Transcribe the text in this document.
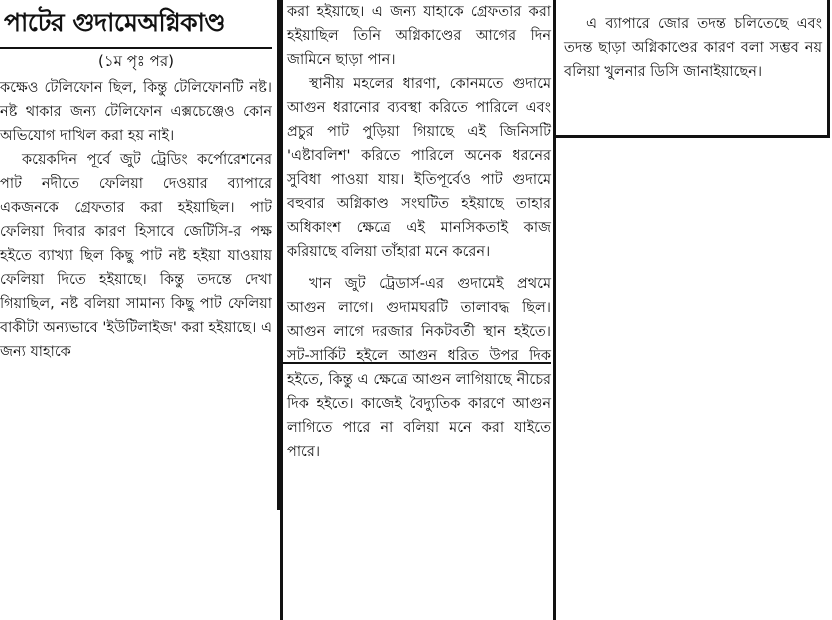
পাটের গুদামেঅগ্নিকাণ্ড
(১ম পৃঃ পর)

কক্ষেও টেলিফোন ছিল, কিন্তু টেলিফোনটি নষ্ট। নষ্ট থাকার জন্য টেলিফোন এক্সচেঞ্জেও কোন অভিযোগ দাখিল করা হয় নাই।

কয়েকদিন পূর্বে জুট ট্রেডিং কর্পোরেশনের পাট নদীতে ফেলিয়া দেওয়ার ব্যাপারে একজনকে গ্রেফতার করা হইয়াছিল। পাট ফেলিয়া দিবার কারণ হিসাবে জেটিসি-র পক্ষ হইতে ব্যাখ্যা ছিল কিছু পাট নষ্ট হইয়া যাওয়ায় ফেলিয়া দিতে হইয়াছে। কিন্তু তদন্তে দেখা গিয়াছিল, নষ্ট বলিয়া সামান্য কিছু পাট ফেলিয়া বাকীটা অন্যভাবে 'ইউটিলাইজ' করা হইয়াছে। এ জন্য যাহাকে

করা হইয়াছে। এ জন্য যাহাকে গ্রেফতার করা হইয়াছিল তিনি অগ্নিকাণ্ডের আগের দিন জামিনে ছাড়া পান।

স্থানীয় মহলের ধারণা, কোনমতে গুদামে আগুন ধরানোর ব্যবস্থা করিতে পারিলে এবং প্রচুর পাট পুড়িয়া গিয়াছে এই জিনিসটি 'এষ্টাবলিশ' করিতে পারিলে অনেক ধরনের সুবিধা পাওয়া যায়। ইতিপূর্বেও পাট গুদামে বহুবার অগ্নিকাণ্ড সংঘটিত হইয়াছে তাহার অধিকাংশ ক্ষেত্রে এই মানসিকতাই কাজ করিয়াছে বলিয়া তাঁহারা মনে করেন।

খান জুট ট্রেডার্স-এর গুদামেই প্রথমে আগুন লাগে। গুদামঘরটি তালাবদ্ধ ছিল। আগুন লাগে দরজার নিকটবর্তী স্থান হইতে। সট-সার্কিট হইলে আগুন ধরিত উপর দিক হইতে, কিন্তু এ ক্ষেত্রে আগুন লাগিয়াছে নীচের দিক হইতে। কাজেই বৈদ্যুতিক কারণে আগুন লাগিতে পারে না বলিয়া মনে করা যাইতে পারে।

এ ব্যাপারে জোর তদন্ত চলিতেছে এবং তদন্ত ছাড়া অগ্নিকাণ্ডের কারণ বলা সম্ভব নয় বলিয়া খুলনার ডিসি জানাইয়াছেন।
